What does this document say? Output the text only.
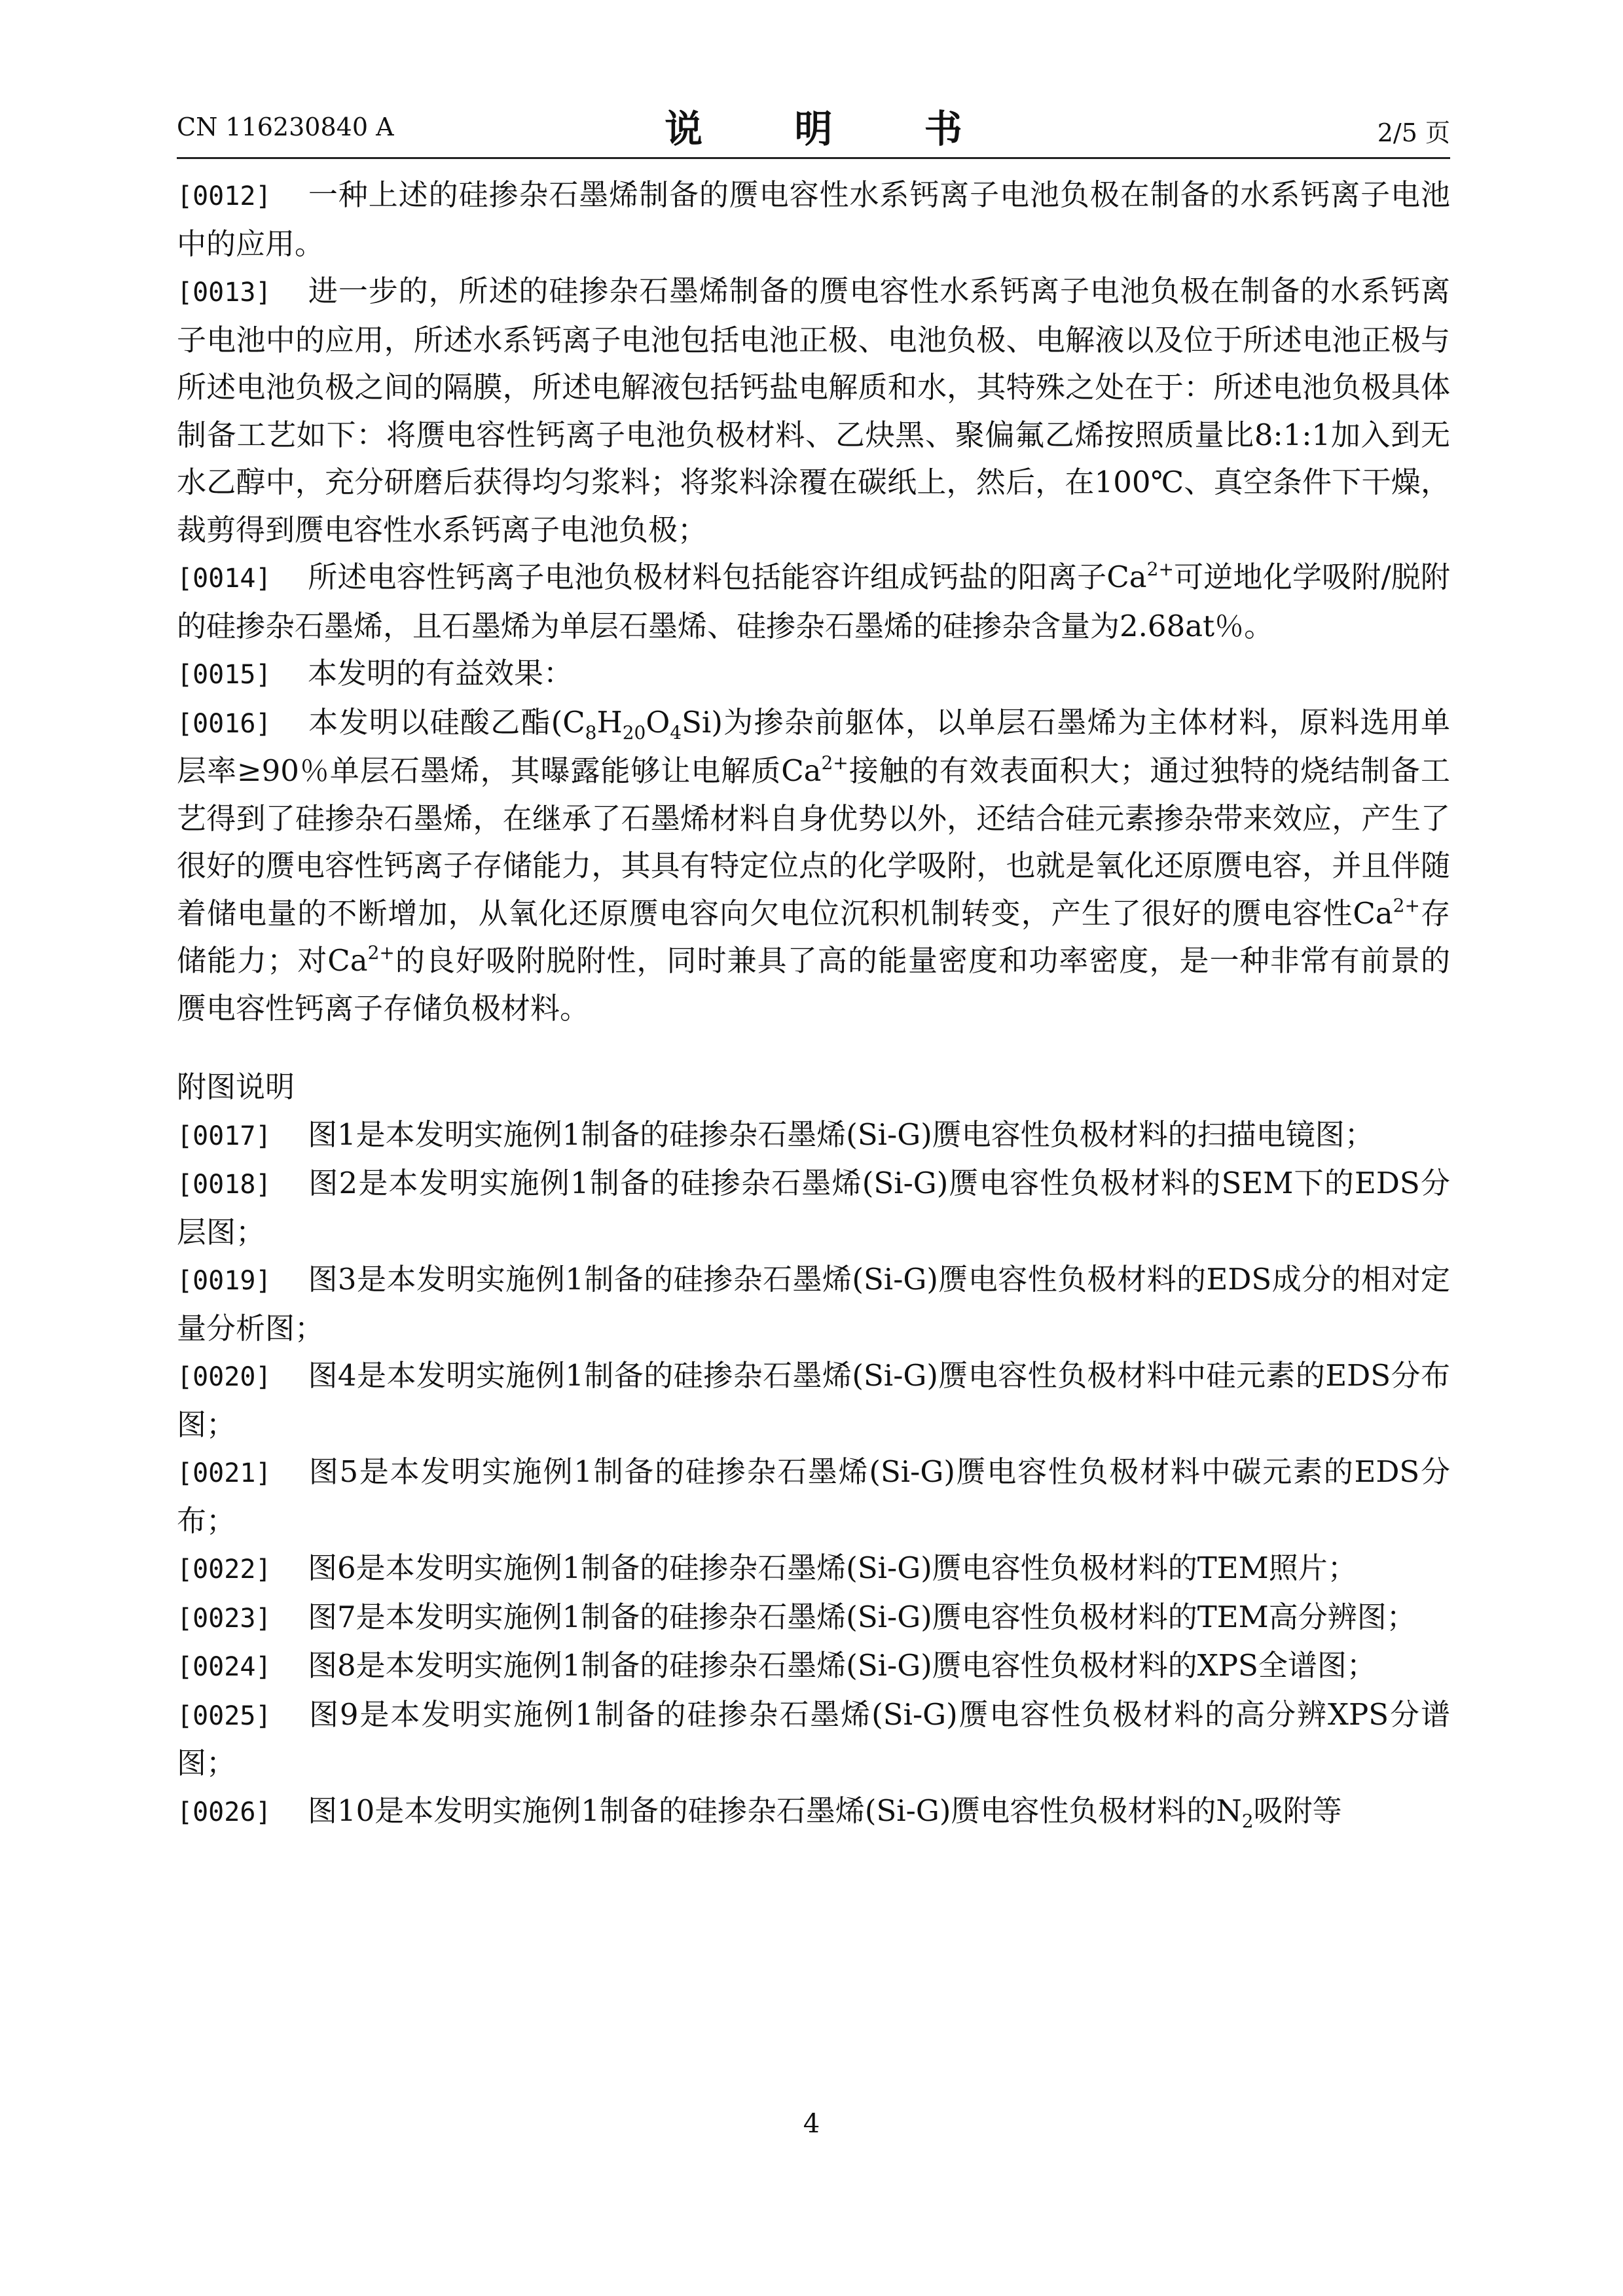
CN 116230840 A	说 明 书	2/5 页

[0012] 一种上述的硅掺杂石墨烯制备的赝电容性水系钙离子电池负极在制备的水系钙离子电池中的应用。

[0013] 进一步的，所述的硅掺杂石墨烯制备的赝电容性水系钙离子电池负极在制备的水系钙离子电池中的应用，所述水系钙离子电池包括电池正极、电池负极、电解液以及位于所述电池正极与所述电池负极之间的隔膜，所述电解液包括钙盐电解质和水，其特殊之处在于：所述电池负极具体制备工艺如下：将赝电容性钙离子电池负极材料、乙炔黑、聚偏氟乙烯按照质量比8:1:1加入到无水乙醇中，充分研磨后获得均匀浆料；将浆料涂覆在碳纸上，然后，在100℃、真空条件下干燥，裁剪得到赝电容性水系钙离子电池负极；

[0014] 所述电容性钙离子电池负极材料包括能容许组成钙盐的阳离子$Ca^{2+}$可逆地化学吸附/脱附的硅掺杂石墨烯，且石墨烯为单层石墨烯、硅掺杂石墨烯的硅掺杂含量为2.68at％。

[0015] 本发明的有益效果：

[0016] 本发明以硅酸乙酯$(C_8H_{20}O_4Si)$为掺杂前躯体，以单层石墨烯为主体材料，原料选用单层率≥90％单层石墨烯，其曝露能够让电解质$Ca^{2+}$接触的有效表面积大；通过独特的烧结制备工艺得到了硅掺杂石墨烯，在继承了石墨烯材料自身优势以外，还结合硅元素掺杂带来效应，产生了很好的赝电容性钙离子存储能力，其具有特定位点的化学吸附，也就是氧化还原赝电容，并且伴随着储电量的不断增加，从氧化还原赝电容向欠电位沉积机制转变，产生了很好的赝电容性$Ca^{2+}$存储能力；对$Ca^{2+}$的良好吸附脱附性，同时兼具了高的能量密度和功率密度，是一种非常有前景的赝电容性钙离子存储负极材料。

附图说明

[0017] 图1是本发明实施例1制备的硅掺杂石墨烯(Si-G)赝电容性负极材料的扫描电镜图；

[0018] 图2是本发明实施例1制备的硅掺杂石墨烯(Si-G)赝电容性负极材料的SEM下的EDS分层图；

[0019] 图3是本发明实施例1制备的硅掺杂石墨烯(Si-G)赝电容性负极材料的EDS成分的相对定量分析图；

[0020] 图4是本发明实施例1制备的硅掺杂石墨烯(Si-G)赝电容性负极材料中硅元素的EDS分布图；

[0021] 图5是本发明实施例1制备的硅掺杂石墨烯(Si-G)赝电容性负极材料中碳元素的EDS分布；

[0022] 图6是本发明实施例1制备的硅掺杂石墨烯(Si-G)赝电容性负极材料的TEM照片；

[0023] 图7是本发明实施例1制备的硅掺杂石墨烯(Si-G)赝电容性负极材料的TEM高分辨图；

[0024] 图8是本发明实施例1制备的硅掺杂石墨烯(Si-G)赝电容性负极材料的XPS全谱图；

[0025] 图9是本发明实施例1制备的硅掺杂石墨烯(Si-G)赝电容性负极材料的高分辨XPS分谱图；

[0026] 图10是本发明实施例1制备的硅掺杂石墨烯(Si-G)赝电容性负极材料的$N_2$吸附等

4
